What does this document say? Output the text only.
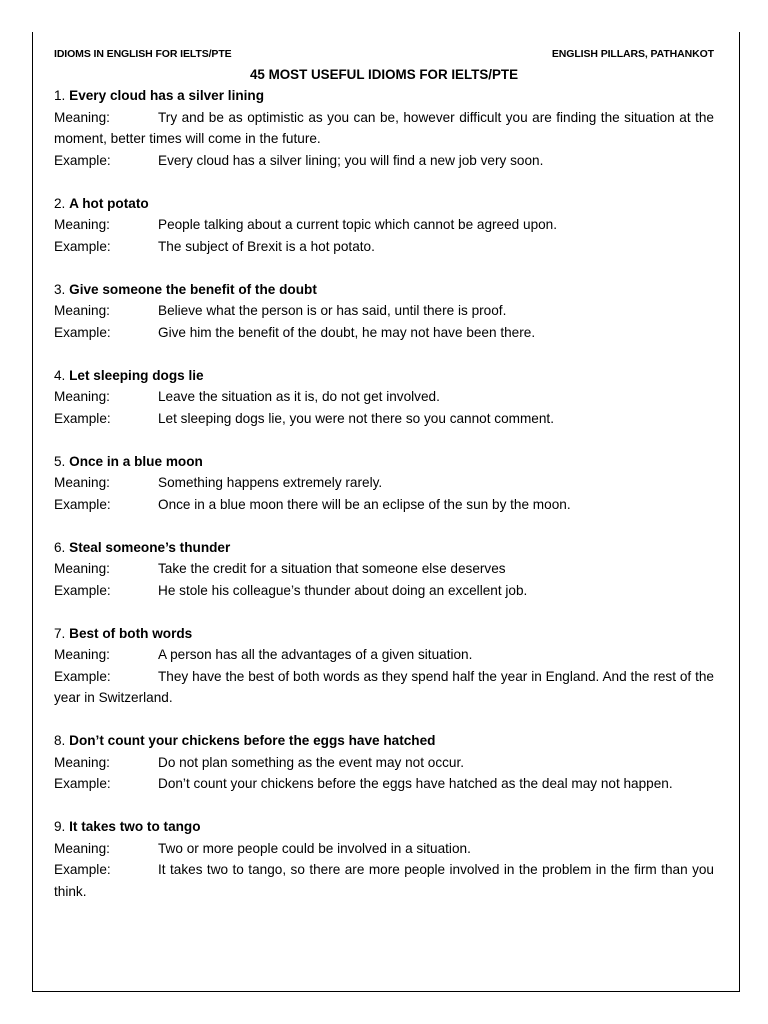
IDIOMS IN ENGLISH FOR IELTS/PTE	ENGLISH PILLARS, PATHANKOT
45 MOST USEFUL IDIOMS FOR IELTS/PTE
1. Every cloud has a silver lining
Meaning:	Try and be as optimistic as you can be, however difficult you are finding the situation at the moment, better times will come in the future.
Example:	Every cloud has a silver lining; you will find a new job very soon.
2. A hot potato
Meaning:	People talking about a current topic which cannot be agreed upon.
Example:	The subject of Brexit is a hot potato.
3. Give someone the benefit of the doubt
Meaning:	Believe what the person is or has said, until there is proof.
Example:	Give him the benefit of the doubt, he may not have been there.
4. Let sleeping dogs lie
Meaning:	Leave the situation as it is, do not get involved.
Example:	Let sleeping dogs lie, you were not there so you cannot comment.
5. Once in a blue moon
Meaning:	Something happens extremely rarely.
Example:	Once in a blue moon there will be an eclipse of the sun by the moon.
6. Steal someone’s thunder
Meaning:	Take the credit for a situation that someone else deserves
Example:	He stole his colleague’s thunder about doing an excellent job.
7. Best of both words
Meaning:	A person has all the advantages of a given situation.
Example:	They have the best of both words as they spend half the year in England. And the rest of the year in Switzerland.
8. Don’t count your chickens before the eggs have hatched
Meaning:	Do not plan something as the event may not occur.
Example:	Don’t count your chickens before the eggs have hatched as the deal may not happen.
9. It takes two to tango
Meaning:	Two or more people could be involved in a situation.
Example:	It takes two to tango, so there are more people involved in the problem in the firm than you think.
